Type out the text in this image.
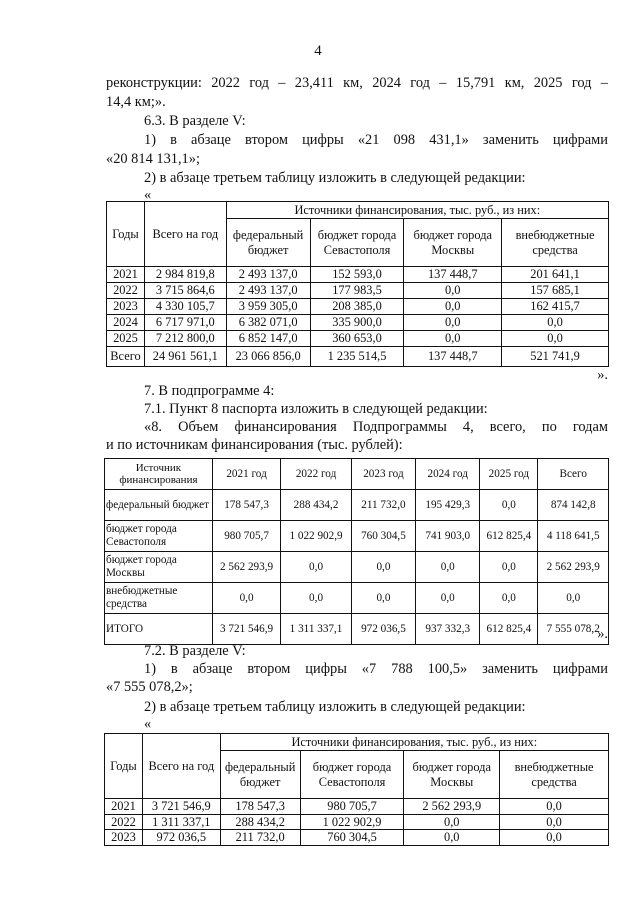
4
реконструкции: 2022 год – 23,411 км, 2024 год – 15,791 км, 2025 год –
14,4 км;».
6.3. В разделе V:
1) в абзаце втором цифры «21 098 431,1» заменить цифрами
«20 814 131,1»;
2) в абзаце третьем таблицу изложить в следующей редакции:
«
Годы	Всего на год	Источники финансирования, тыс. руб., из них:			
		федеральный бюджет	бюджет города Севастополя	бюджет города Москвы	внебюджетные средства
2021	2 984 819,8	2 493 137,0	152 593,0	137 448,7	201 641,1
2022	3 715 864,6	2 493 137,0	177 983,5	0,0	157 685,1
2023	4 330 105,7	3 959 305,0	208 385,0	0,0	162 415,7
2024	6 717 971,0	6 382 071,0	335 900,0	0,0	0,0
2025	7 212 800,0	6 852 147,0	360 653,0	0,0	0,0
Всего	24 961 561,1	23 066 856,0	1 235 514,5	137 448,7	521 741,9
».
7. В подпрограмме 4:
7.1. Пункт 8 паспорта изложить в следующей редакции:
«8. Объем финансирования Подпрограммы 4, всего, по годам
и по источникам финансирования (тыс. рублей):
Источник финансирования	2021 год	2022 год	2023 год	2024 год	2025 год	Всего
федеральный бюджет	178 547,3	288 434,2	211 732,0	195 429,3	0,0	874 142,8
бюджет города Севастополя	980 705,7	1 022 902,9	760 304,5	741 903,0	612 825,4	4 118 641,5
бюджет города Москвы	2 562 293,9	0,0	0,0	0,0	0,0	2 562 293,9
внебюджетные средства	0,0	0,0	0,0	0,0	0,0	0,0
ИТОГО	3 721 546,9	1 311 337,1	972 036,5	937 332,3	612 825,4	7 555 078,2
».
7.2. В разделе V:
1) в абзаце втором цифры «7 788 100,5» заменить цифрами
«7 555 078,2»;
2) в абзаце третьем таблицу изложить в следующей редакции:
«
Годы	Всего на год	Источники финансирования, тыс. руб., из них:			
		федеральный бюджет	бюджет города Севастополя	бюджет города Москвы	внебюджетные средства
2021	3 721 546,9	178 547,3	980 705,7	2 562 293,9	0,0
2022	1 311 337,1	288 434,2	1 022 902,9	0,0	0,0
2023	972 036,5	211 732,0	760 304,5	0,0	0,0
